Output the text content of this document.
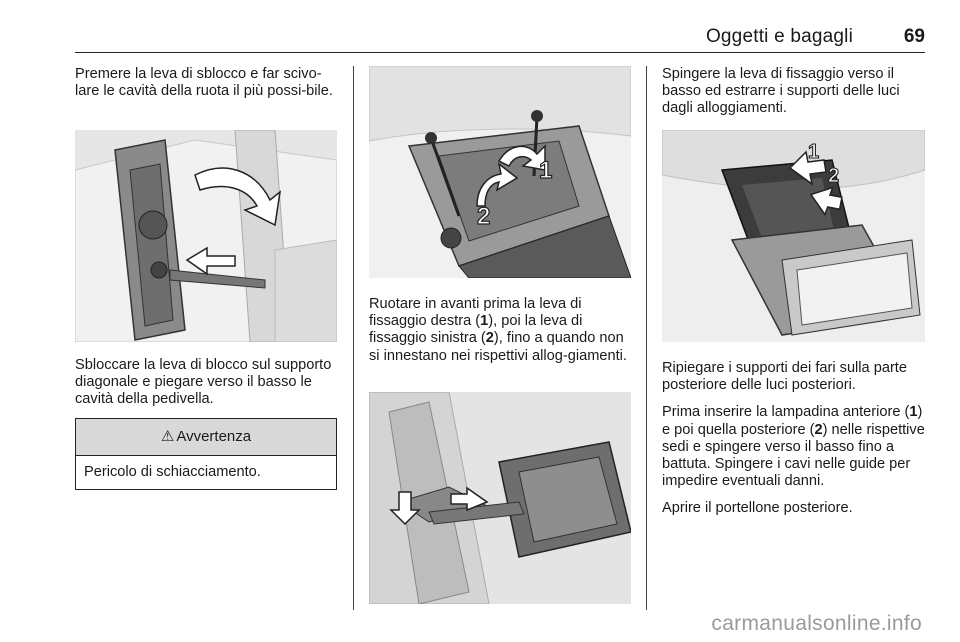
Oggetti e bagagli	69

Premere la leva di sblocco e far scivo-lare le cavità della ruota il più possi-bile.

Sbloccare la leva di blocco sul supporto diagonale e piegare verso il basso le cavità della pedivella.

⚠ Avvertenza
Pericolo di schiacciamento.
1
2

Ruotare in avanti prima la leva di fissaggio destra (1), poi la leva di fissaggio sinistra (2), fino a quando non si innestano nei rispettivi allog-giamenti.

Spingere la leva di fissaggio verso il basso ed estrarre i supporti delle luci dagli alloggiamenti.

1
2

Ripiegare i supporti dei fari sulla parte posteriore delle luci posteriori.

Prima inserire la lampadina anteriore (1) e poi quella posteriore (2) nelle rispettive sedi e spingere verso il basso fino a battuta. Spingere i cavi nelle guide per impedire eventuali danni.

Aprire il portellone posteriore.

carmanualsonline.info
